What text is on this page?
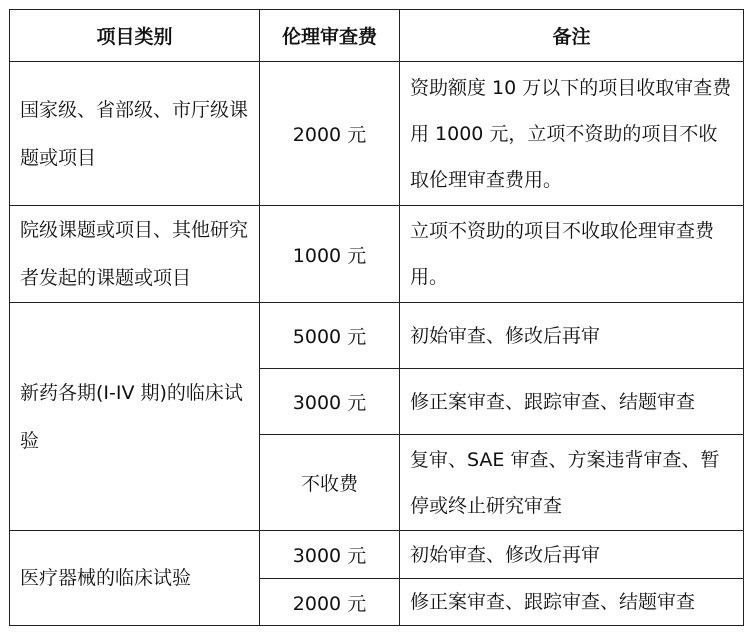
项目类别	伦理审查费	备注
国家级、省部级、市厅级课题或项目	2000 元	资助额度 10 万以下的项目收取审查费用 1000 元，立项不资助的项目不收取伦理审查费用。
院级课题或项目、其他研究者发起的课题或项目	1000 元	立项不资助的项目不收取伦理审查费用。
新药各期(I-IV 期)的临床试验	5000 元	初始审查、修改后再审
	3000 元	修正案审查、跟踪审查、结题审查
	不收费	复审、SAE 审查、方案违背审查、暂停或终止研究审查
医疗器械的临床试验	3000 元	初始审查、修改后再审
	2000 元	修正案审查、跟踪审查、结题审查
